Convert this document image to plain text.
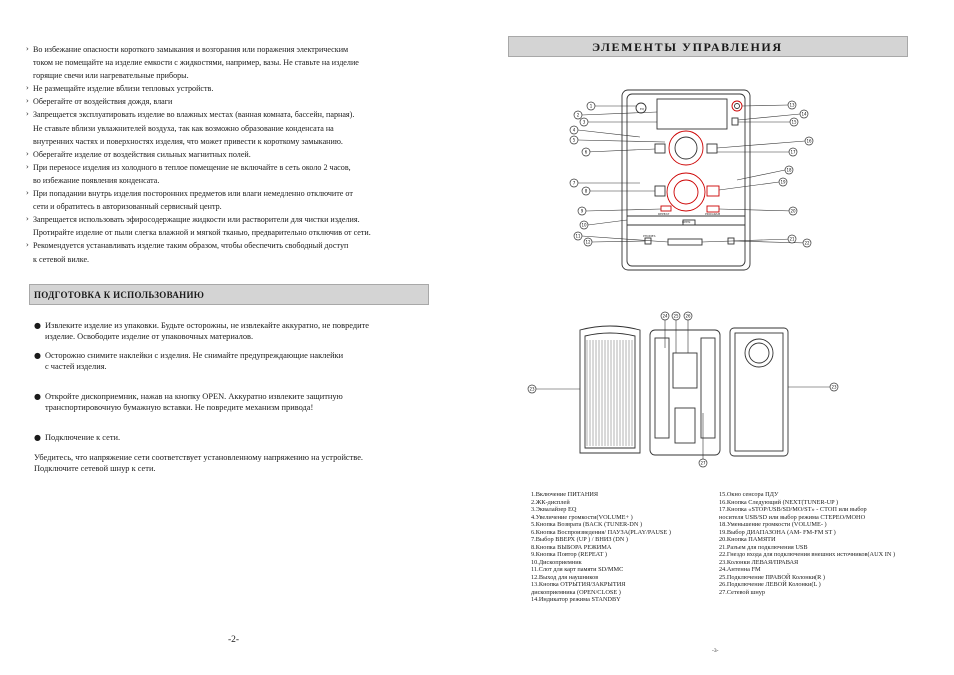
› Во избежание опасности короткого замыкания и возгорания или поражения электрическим
током не помещайте на изделие емкости с жидкостями, например, вазы. Не ставьте на изделие
горящие свечи или нагревательные приборы.
› Не размещайте изделие вблизи тепловых устройств.
› Оберегайте от воздействия дождя, влаги
› Запрещается эксплуатировать изделие во влажных местах (ванная комната, бассейн, парная).
Не ставьте вблизи увлажнителей воздуха, так как возможно образование конденсата на
внутренних частях и поверхностях изделия, что может привести к короткому замыканию.
› Оберегайте изделие от воздействия сильных магнитных полей.
› При переносе изделия из холодного в теплое помещение не включайте в сеть около 2 часов,
во избежание появления конденсата.
› При попадании внутрь изделия посторонних предметов или влаги немедленно отключите от
сети и обратитесь в авторизованный сервисный центр.
› Запрещается использовать эфиросодержащие жидкости или растворители для чистки изделия.
Протирайте изделие от пыли слегка влажной и мягкой тканью, предварительно отключив от сети.
› Рекомендуется устанавливать изделие таким образом, чтобы обеспечить свободный доступ
к сетевой вилке.
ПОДГОТОВКА К ИСПОЛЬЗОВАНИЮ
● Извлеките изделие из упаковки. Будьте осторожны, не извлекайте аккуратно, не повредите
изделие. Освободите изделие от упаковочных материалов.
● Осторожно снимите наклейки с изделия. Не снимайте предупреждающие наклейки
с частей изделия.
● Откройте дископриемник, нажав на кнопку OPEN. Аккуратно извлеките защитную
транспортировочную бумажную вставки. Не повредите механизм привода!
● Подключение к сети.
Убедитесь, что напряжение сети соответствует установленному напряжению на устройстве.
Подключите сетевой шнур к сети.
-2-
ЭЛЕМЕНТЫ УПРАВЛЕНИЯ
EQ
REPEAT	PROGRAM
OPEN
PHONES
1
2
3
4
5
6
7
8
9
10
11
12
13
14
15
16
17
18
19
20
21
22
24 25 26
23	23
27
1.Включение ПИТАНИЯ
2.ЖК-дисплей
3.Эквалайзер EQ
4.Увеличение громкости(VOLUME+ )
5.Кнопка Возврата (BACK (TUNER-DN )
6.Кнопка Воспроизведения/ ПАУЗА(PLAY/PAUSE )
7.Выбор ВВЕРХ (UP ) / ВНИЗ (DN )
8.Кнопка ВЫБОРА РЕЖИМА
9.Кнопка Повтор (REPEAT )
10.Дископриемник
11.Слот для карт памяти SD/MMC
12.Выход для наушников
13.Кнопка ОТРЫТИЯ/ЗАКРЫТИЯ
дископриемника (OPEN/CLOSE )
14.Индикатор режима STANDBY
15.Окно сенсора ПДУ
16.Кнопка Следующий (NEXT(TUNER-UP )
17.Кнопка «STOP/USB/SD/MO/ST» - СТОП или выбор
носителя USB/SD или выбор режима СТЕРЕО/МОНО
18.Уменьшение громкости (VOLUME- )
19.Выбор ДИАПАЗОНА (АМ- FM-FM ST )
20.Кнопка ПАМЯТИ
21.Разъем для подключения USB
22.Гнездо входа для подключения внешних источников(AUX IN )
23.Колонки ЛЕВАЯ/ПРАВАЯ
24.Антенна FM
25.Подключение ПРАВОЙ Колонки(R )
26.Подключение ЛЕВОЙ Колонки(L )
27.Сетевой шнур
-3-
